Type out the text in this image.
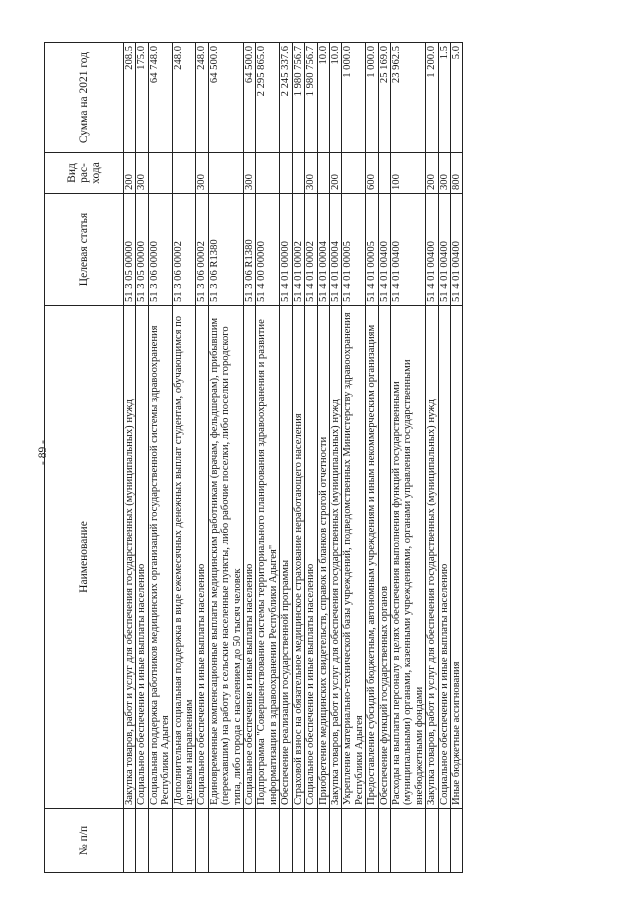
- 89 -
№ п/п	Наименование	Целевая статья	Вид рас-хода	Сумма на 2021 год
	Закупка товаров, работ и услуг для обеспечения государственных (муниципальных) нужд	51 3 05 00000	200	208.5
	Социальное обеспечение и иные выплаты населению	51 3 05 00000	300	175.0
	Социальная поддержка работников медицинских организаций государственной системы здравоохранения Республики Адыгея	51 3 06 00000		64 748.0
	Дополнительная социальная поддержка в виде ежемесячных денежных выплат студентам, обучающимся по целевым направлениям	51 3 06 00002		248.0
	Социальное обеспечение и иные выплаты населению	51 3 06 00002	300	248.0
	Единовременные компенсационные выплаты медицинским работникам (врачам, фельдшерам), прибывшим (переехавшим) на работу в сельские населенные пункты, либо рабочие поселки, либо поселки городского типа, либо города с населением до 50 тысяч человек	51 3 06 R1380		64 500.0
	Социальное обеспечение и иные выплаты населению	51 3 06 R1380	300	64 500.0
	Подпрограмма "Совершенствование системы территориального планирования здравоохранения и развитие информатизации в здравоохранении Республики Адыгея"	51 4 00 00000		2 295 865.0
	Обеспечение реализации государственной программы	51 4 01 00000		2 245 337.6
	Страховой взнос на обязательное медицинское страхование неработающего населения	51 4 01 00002		1 980 756.7
	Социальное обеспечение и иные выплаты населению	51 4 01 00002	300	1 980 756.7
	Приобретение медицинских свидетельств, справок и бланков строгой отчетности	51 4 01 00004		10.0
	Закупка товаров, работ и услуг для обеспечения государственных (муниципальных) нужд	51 4 01 00004	200	10.0
	Укрепление материально-технической базы учреждений, подведомственных Министерству здравоохранения Республики Адыгея	51 4 01 00005		1 000.0
	Предоставление субсидий бюджетным, автономным учреждениям и иным некоммерческим организациям	51 4 01 00005	600	1 000.0
	Обеспечение функций государственных органов	51 4 01 00400		25 169.0
	Расходы на выплаты персоналу в целях обеспечения выполнения функций государственными (муниципальными) органами, казенными учреждениями, органами управления государственными внебюджетными фондами	51 4 01 00400	100	23 962.5
	Закупка товаров, работ и услуг для обеспечения государственных (муниципальных) нужд	51 4 01 00400	200	1 200.0
	Социальное обеспечение и иные выплаты населению	51 4 01 00400	300	1.5
	Иные бюджетные ассигнования	51 4 01 00400	800	5.0
